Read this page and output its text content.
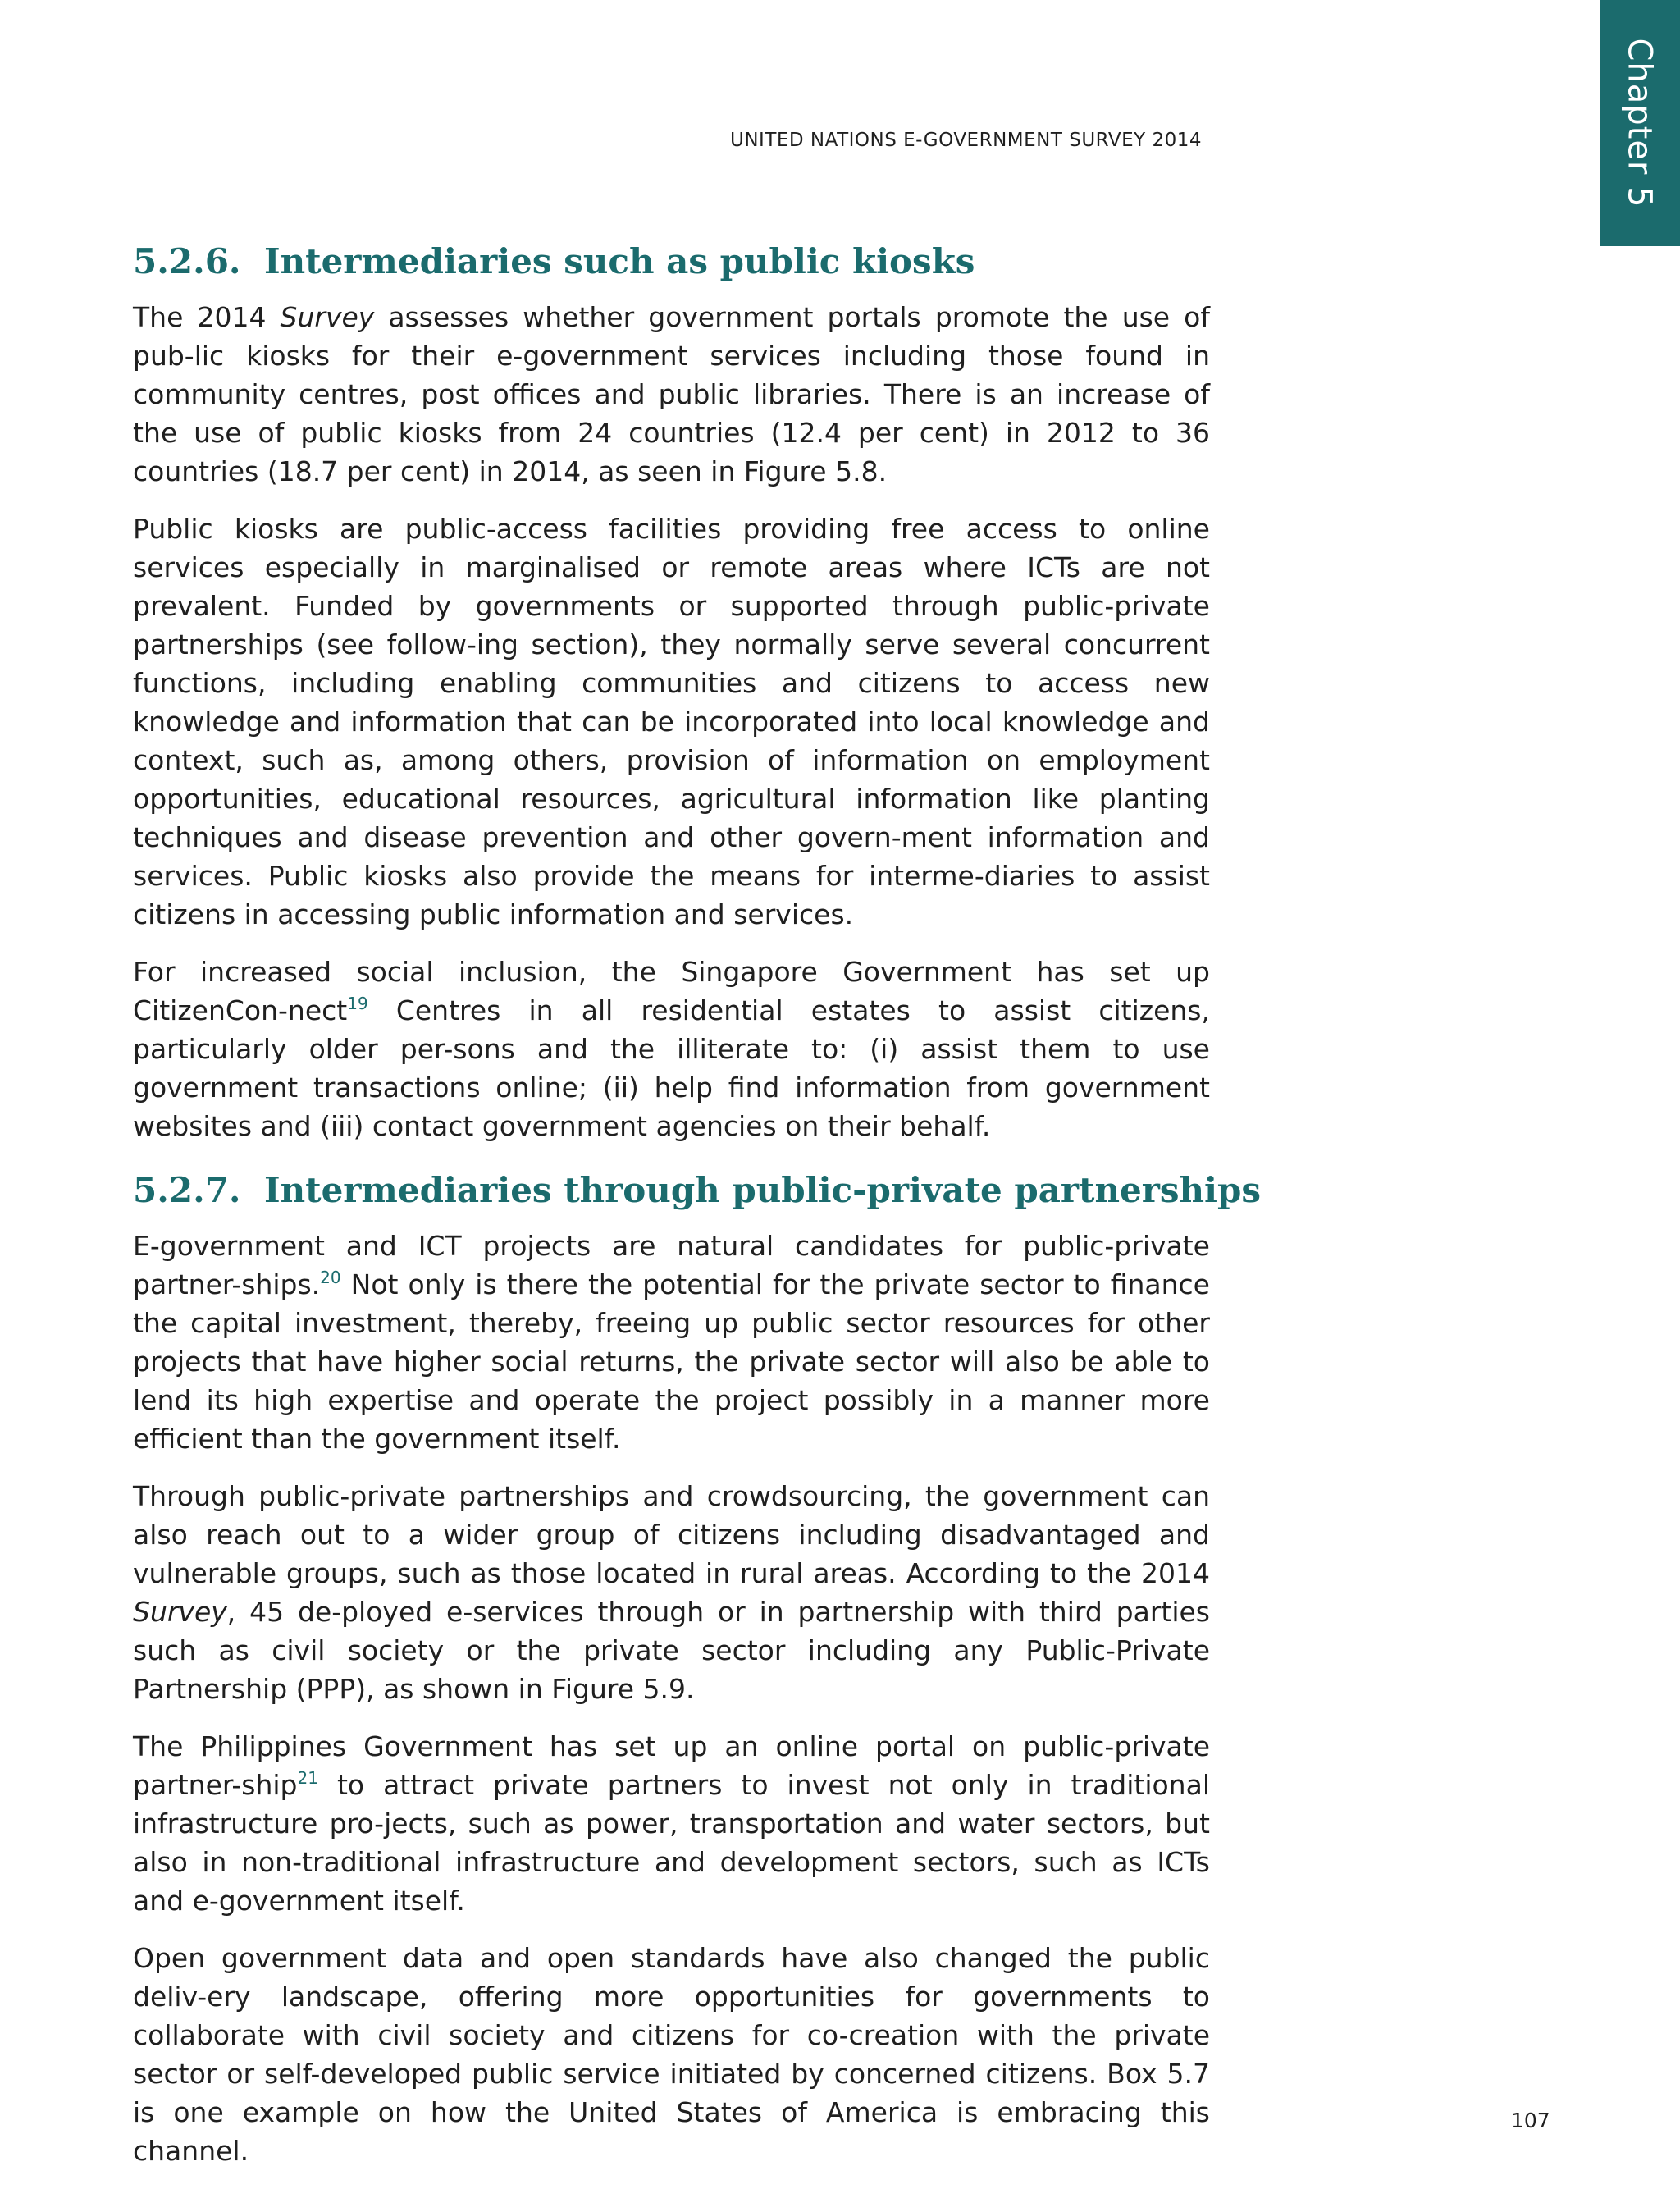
Chapter 5
UNITED NATIONS E-GOVERNMENT SURVEY 2014
5.2.6. Intermediaries such as public kiosks

The 2014 Survey assesses whether government portals promote the use of pub-lic kiosks for their e-government services including those found in community centres, post offices and public libraries. There is an increase of the use of public kiosks from 24 countries (12.4 per cent) in 2012 to 36 countries (18.7 per cent) in 2014, as seen in Figure 5.8.

Public kiosks are public-access facilities providing free access to online services especially in marginalised or remote areas where ICTs are not prevalent. Funded by governments or supported through public-private partnerships (see follow-ing section), they normally serve several concurrent functions, including enabling communities and citizens to access new knowledge and information that can be incorporated into local knowledge and context, such as, among others, provision of information on employment opportunities, educational resources, agricultural information like planting techniques and disease prevention and other govern-ment information and services. Public kiosks also provide the means for interme-diaries to assist citizens in accessing public information and services.

For increased social inclusion, the Singapore Government has set up CitizenCon-nect$^{19}$ Centres in all residential estates to assist citizens, particularly older per-sons and the illiterate to: (i) assist them to use government transactions online; (ii) help find information from government websites and (iii) contact government agencies on their behalf.

5.2.7. Intermediaries through public-private partnerships

E-government and ICT projects are natural candidates for public-private partner-ships.$^{20}$ Not only is there the potential for the private sector to finance the capital investment, thereby, freeing up public sector resources for other projects that have higher social returns, the private sector will also be able to lend its high expertise and operate the project possibly in a manner more efficient than the government itself.

Through public-private partnerships and crowdsourcing, the government can also reach out to a wider group of citizens including disadvantaged and vulnerable groups, such as those located in rural areas. According to the 2014 Survey, 45 de-ployed e-services through or in partnership with third parties such as civil society or the private sector including any Public-Private Partnership (PPP), as shown in Figure 5.9.

The Philippines Government has set up an online portal on public-private partner-ship$^{21}$ to attract private partners to invest not only in traditional infrastructure pro-jects, such as power, transportation and water sectors, but also in non-traditional infrastructure and development sectors, such as ICTs and e-government itself.

Open government data and open standards have also changed the public deliv-ery landscape, offering more opportunities for governments to collaborate with civil society and citizens for co-creation with the private sector or self-developed public service initiated by concerned citizens. Box 5.7 is one example on how the United States of America is embracing this channel.

107
